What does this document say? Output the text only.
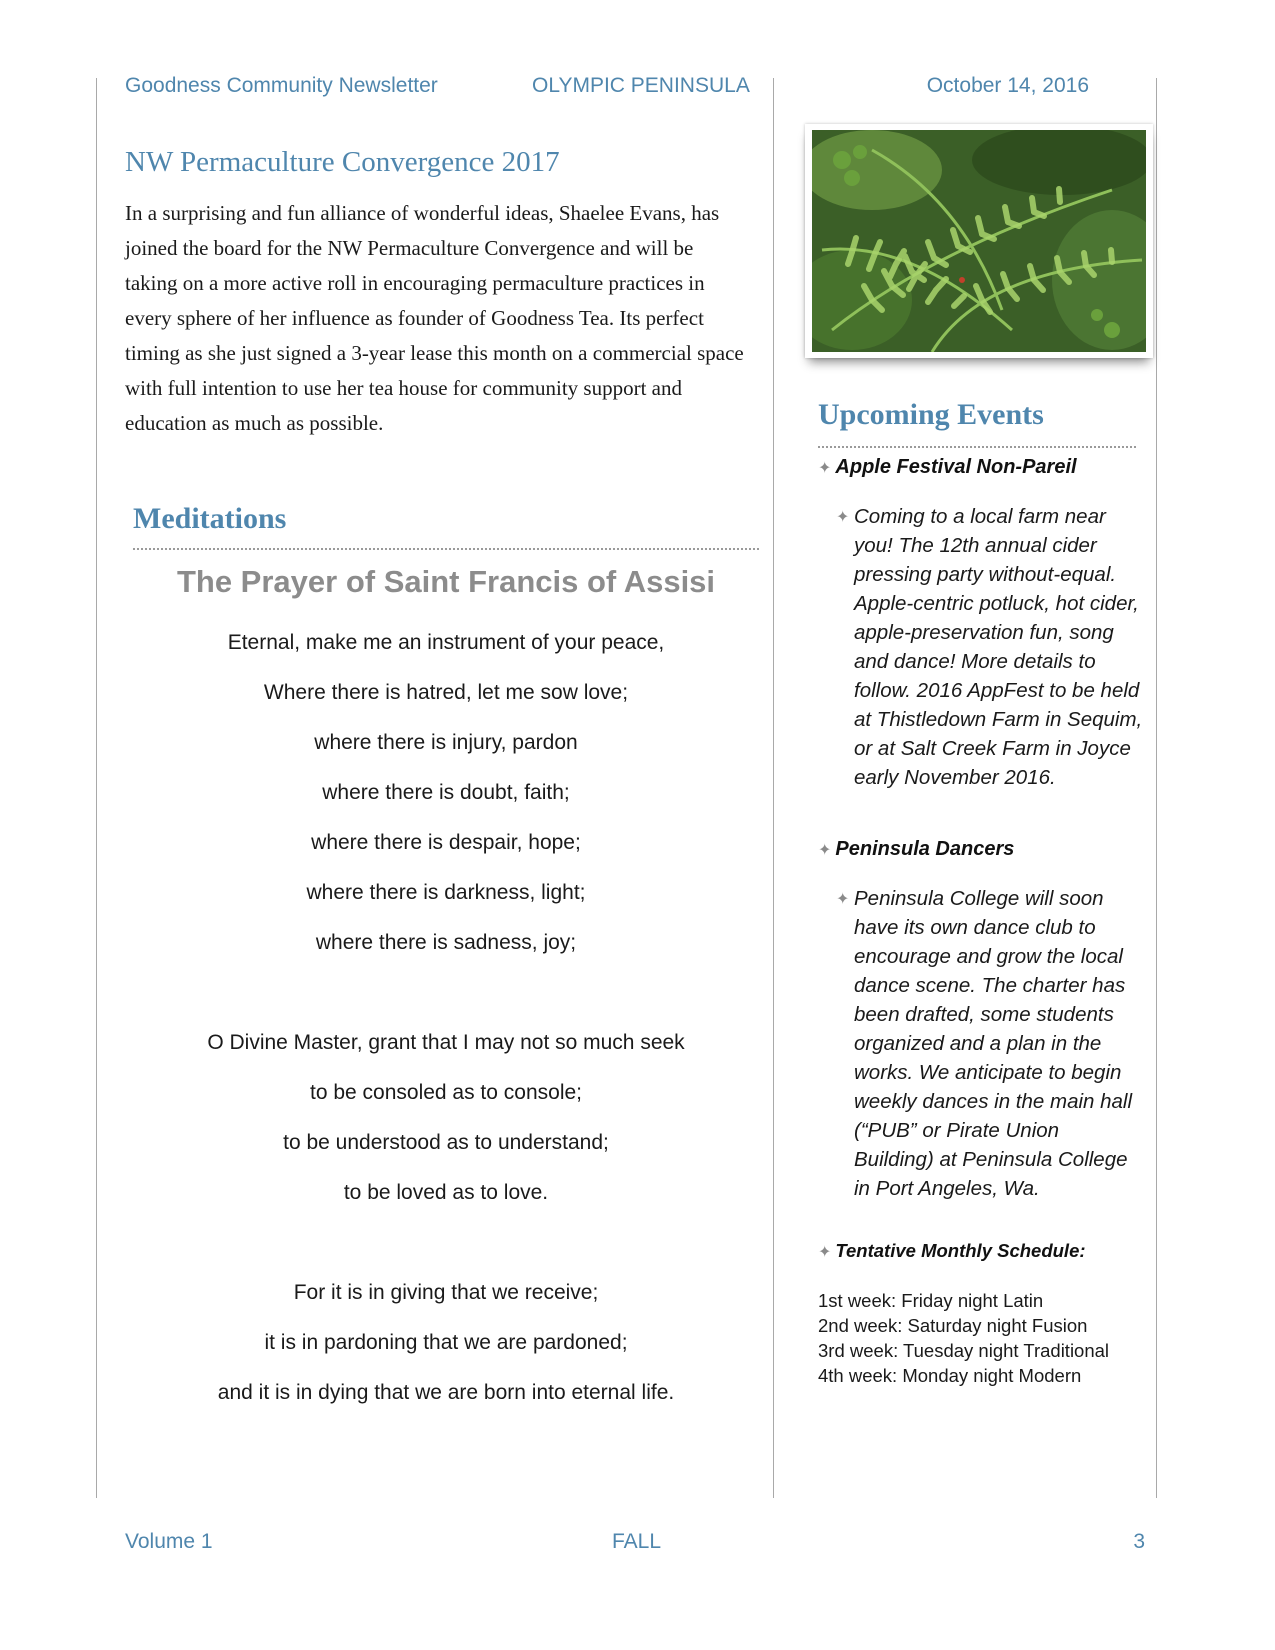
Goodness Community Newsletter	OLYMPIC PENINSULA	October 14, 2016
NW Permaculture Convergence 2017

In a surprising and fun alliance of wonderful ideas, Shaelee Evans, has joined the board for the NW Permaculture Convergence and will be taking on a more active roll in encouraging permaculture practices in every sphere of her influence as founder of Goodness Tea. Its perfect timing as she just signed a 3-year lease this month on a commercial space with full intention to use her tea house for community support and education as much as possible.

Meditations
The Prayer of Saint Francis of Assisi
Eternal, make me an instrument of your peace,
Where there is hatred, let me sow love;
where there is injury, pardon
where there is doubt, faith;
where there is despair, hope;
where there is darkness, light;
where there is sadness, joy;
O Divine Master, grant that I may not so much seek
to be consoled as to console;
to be understood as to understand;
to be loved as to love.
For it is in giving that we receive;
it is in pardoning that we are pardoned;
and it is in dying that we are born into eternal life.
Upcoming Events
✦ Apple Festival Non-Pareil

✦ Coming to a local farm near you! The 12th annual cider pressing party without-equal. Apple-centric potluck, hot cider, apple-preservation fun, song and dance! More details to follow. 2016 AppFest to be held at Thistledown Farm in Sequim, or at Salt Creek Farm in Joyce early November 2016.

✦ Peninsula Dancers

✦ Peninsula College will soon have its own dance club to encourage and grow the local dance scene. The charter has been drafted, some students organized and a plan in the works. We anticipate to begin weekly dances in the main hall (“PUB” or Pirate Union Building) at Peninsula College in Port Angeles, Wa.

✦ Tentative Monthly Schedule:
1st week: Friday night Latin
2nd week: Saturday night Fusion
3rd week: Tuesday night Traditional
4th week: Monday night Modern
Volume 1	FALL	3
